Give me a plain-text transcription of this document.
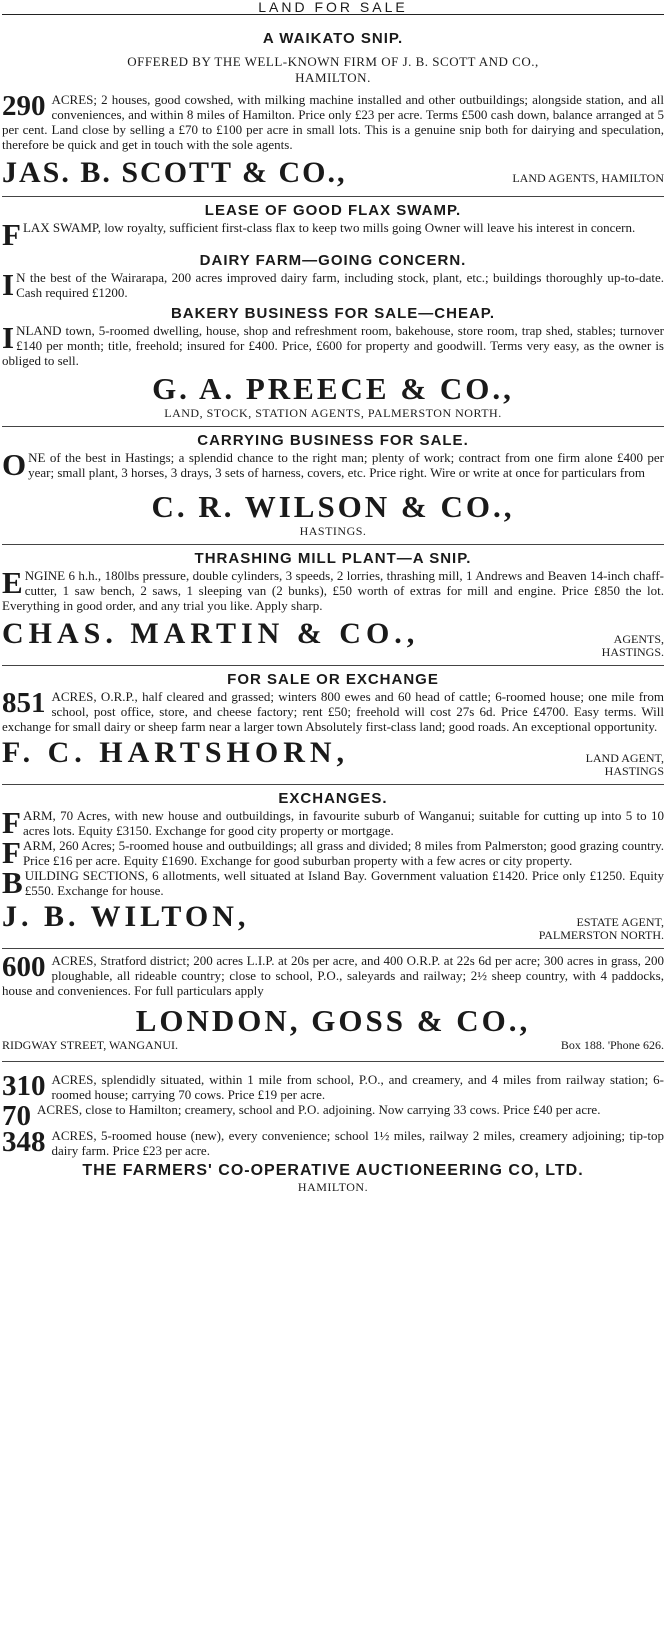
LAND FOR SALE
A WAIKATO SNIP.
OFFERED BY THE WELL-KNOWN FIRM OF J. B. SCOTT AND CO.,
HAMILTON.
290 ACRES; 2 houses, good cowshed, with milking machine installed and other outbuildings; alongside station, and all conveniences, and within 8 miles of Hamilton. Price only £23 per acre. Terms £500 cash down, balance arranged at 5 per cent. Land close by selling a £70 to £100 per acre in small lots. This is a genuine snip both for dairying and speculation, therefore be quick and get in touch with the sole agents.
JAS. B. SCOTT & CO.,	LAND AGENTS, HAMILTON
LEASE OF GOOD FLAX SWAMP.
F LAX SWAMP, low royalty, sufficient first-class flax to keep two mills going Owner will leave his interest in concern.
DAIRY FARM—GOING CONCERN.
I N the best of the Wairarapa, 200 acres improved dairy farm, including stock, plant, etc.; buildings thoroughly up-to-date. Cash required £1200.
BAKERY BUSINESS FOR SALE—CHEAP.
I NLAND town, 5-roomed dwelling, house, shop and refreshment room, bakehouse, store room, trap shed, stables; turnover £140 per month; title, freehold; insured for £400. Price, £600 for property and goodwill. Terms very easy, as the owner is obliged to sell.
G. A. PREECE & CO.,
LAND, STOCK, STATION AGENTS, PALMERSTON NORTH.
CARRYING BUSINESS FOR SALE.
O NE of the best in Hastings; a splendid chance to the right man; plenty of work; contract from one firm alone £400 per year; small plant, 3 horses, 3 drays, 3 sets of harness, covers, etc. Price right. Wire or write at once for particulars from
C. R. WILSON & CO.,
HASTINGS.
THRASHING MILL PLANT—A SNIP.
E NGINE 6 h.h., 180lbs pressure, double cylinders, 3 speeds, 2 lorries, thrashing mill, 1 Andrews and Beaven 14-inch chaff-cutter, 1 saw bench, 2 saws, 1 sleeping van (2 bunks), £50 worth of extras for mill and engine. Price £850 the lot. Everything in good order, and any trial you like. Apply sharp.
CHAS. MARTIN & CO.,	AGENTS,
HASTINGS.
FOR SALE OR EXCHANGE
851 ACRES, O.R.P., half cleared and grassed; winters 800 ewes and 60 head of cattle; 6-roomed house; one mile from school, post office, store, and cheese factory; rent £50; freehold will cost 27s 6d. Price £4700. Easy terms. Will exchange for small dairy or sheep farm near a larger town Absolutely first-class land; good roads. An exceptional opportunity.
F. C. HARTSHORN,	LAND AGENT,
HASTINGS
EXCHANGES.
F ARM, 70 Acres, with new house and outbuildings, in favourite suburb of Wanganui; suitable for cutting up into 5 to 10 acres lots. Equity £3150. Exchange for good city property or mortgage.
F ARM, 260 Acres; 5-roomed house and outbuildings; all grass and divided; 8 miles from Palmerston; good grazing country. Price £16 per acre. Equity £1690. Exchange for good suburban property with a few acres or city property.
B UILDING SECTIONS, 6 allotments, well situated at Island Bay. Government valuation £1420. Price only £1250. Equity £550. Exchange for house.
J. B. WILTON,	ESTATE AGENT,
PALMERSTON NORTH.
600 ACRES, Stratford district; 200 acres L.I.P. at 20s per acre, and 400 O.R.P. at 22s 6d per acre; 300 acres in grass, 200 ploughable, all rideable country; close to school, P.O., saleyards and railway; 2½ sheep country, with 4 paddocks, house and conveniences. For full particulars apply
LONDON, GOSS & CO.,
RIDGWAY STREET, WANGANUI.	Box 188. 'Phone 626.
310 ACRES, splendidly situated, within 1 mile from school, P.O., and creamery, and 4 miles from railway station; 6-roomed house; carrying 70 cows. Price £19 per acre.
70 ACRES, close to Hamilton; creamery, school and P.O. adjoining. Now carrying 33 cows. Price £40 per acre.
348 ACRES, 5-roomed house (new), every convenience; school 1½ miles, railway 2 miles, creamery adjoining; tip-top dairy farm. Price £23 per acre.
THE FARMERS' CO-OPERATIVE AUCTIONEERING CO, LTD.
HAMILTON.
